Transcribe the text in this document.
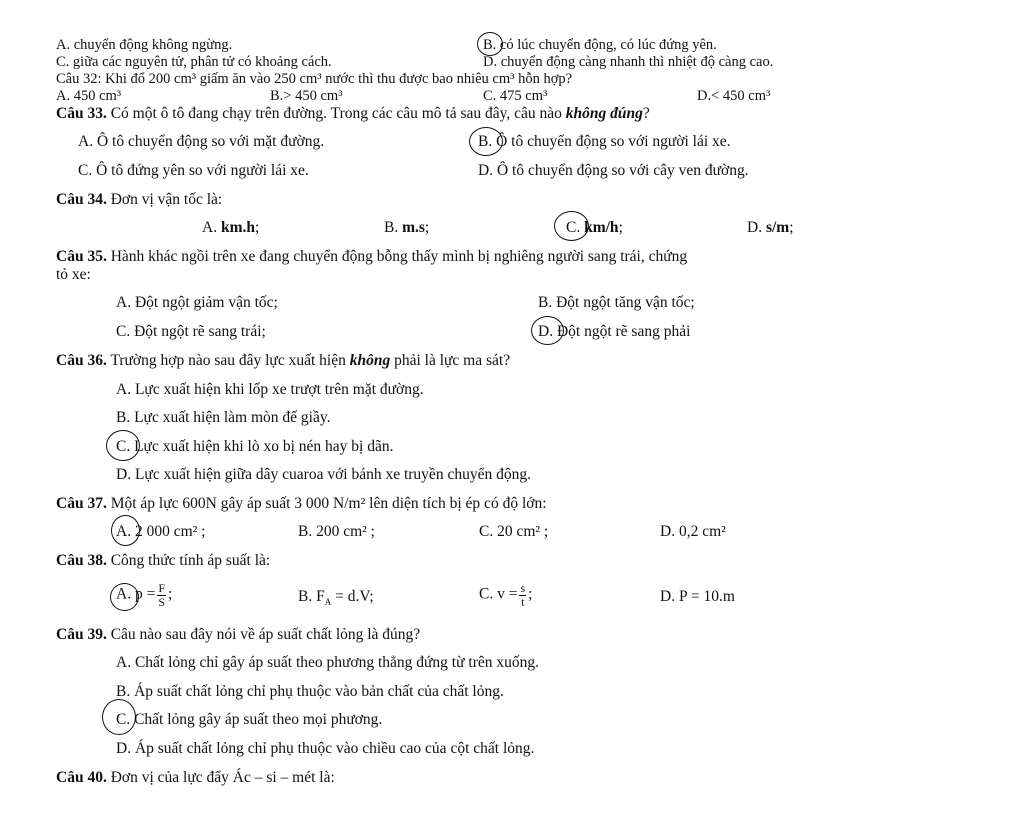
A. chuyển động không ngừng.	B. có lúc chuyển động, có lúc đứng yên.
C. giữa các nguyên tử, phân tử có khoảng cách.	D. chuyển động càng nhanh thì nhiệt độ càng cao.
Câu 32: Khi đổ 200 cm³ giấm ăn vào 250 cm³ nước thì thu được bao nhiêu cm³ hỗn hợp?
A. 450 cm³	B.> 450 cm³	C. 475 cm³	D.< 450 cm³
Câu 33. Có một ô tô đang chạy trên đường. Trong các câu mô tả sau đây, câu nào không đúng?
A. Ô tô chuyển động so với mặt đường.	B. Ô tô chuyển động so với người lái xe.
C. Ô tô đứng yên so với người lái xe.	D. Ô tô chuyển động so với cây ven đường.
Câu 34. Đơn vị vận tốc là:
A. km.h;	B. m.s;	C. km/h;	D. s/m;
Câu 35. Hành khác ngồi trên xe đang chuyển động bỗng thấy mình bị nghiêng người sang trái, chứng
tỏ xe:
A. Đột ngột giảm vận tốc;	B. Đột ngột tăng vận tốc;
C. Đột ngột rẽ sang trái;	D. Đột ngột rẽ sang phải
Câu 36. Trường hợp nào sau đây lực xuất hiện không phải là lực ma sát?
A. Lực xuất hiện khi lốp xe trượt trên mặt đường.
B. Lực xuất hiện làm mòn đế giầy.
C. Lực xuất hiện khi lò xo bị nén hay bị dãn.
D. Lực xuất hiện giữa dây cuaroa với bánh xe truyền chuyển động.
Câu 37. Một áp lực 600N gây áp suất 3 000 N/m² lên diện tích bị ép có độ lớn:
A. 2 000 cm² ;	B. 200 cm² ;	C. 20 cm² ;	D. 0,2 cm²
Câu 38. Công thức tính áp suất là:
A. $p = \frac{F}{S}$ ;	B. $F_A = d.V$;	C. $v = \frac{s}{t}$ ;	D. P = 10.m
Câu 39. Câu nào sau đây nói về áp suất chất lỏng là đúng?
A. Chất lỏng chỉ gây áp suất theo phương thẳng đứng từ trên xuống.
B. Áp suất chất lỏng chỉ phụ thuộc vào bản chất của chất lỏng.
C. Chất lỏng gây áp suất theo mọi phương.
D. Áp suất chất lỏng chỉ phụ thuộc vào chiều cao của cột chất lỏng.
Câu 40. Đơn vị của lực đẩy Ác – si – mét là:
